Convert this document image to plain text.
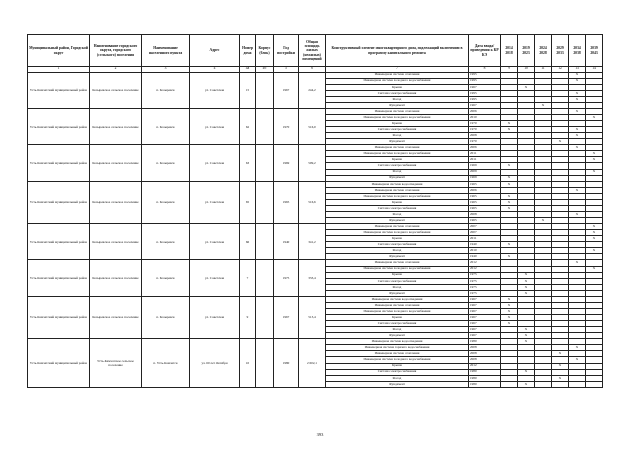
Муниципальный район, Городской округ	Наименование городского округа, городского (сельского) поселения	Наименование населенного пункта	Адрес	Номер дома	Корпус (блок)	Год постройки	Общая площадь жилых (нежилых) помещений	Конструктивный элемент многоквартирного дома, подлежащий включению в программу капитального ремонта	Дата ввода/проведения к КР КЭ	2014 2018	2019 2023	2024 2028	2029 2033	2034 2038	2039 2043
1	2	3	4	4а	4б	5	6	7	8	9	10	11	12	13	14
Усть-Камчатский муниципальный район	Козыревское сельское поселение	п. Козыревск	ул. Советская	15		1967	244,2	Инженерная система отопления	1995					X	
								Инженерная система холодного водоснабжения	1995					X	
								Крыша	1967		X				
								Система электроснабжения	1995					X	
								Фасад	1995					X	
								Фундамент	1967			X			
Усть-Камчатский муниципальный район	Козыревское сельское поселение	п. Козыревск	ул. Советская	62		1970	516,0	Инженерная система отопления	2006					X	
								Инженерная система холодного водоснабжения	2010						X
								Крыша	1970	X					
								Система электроснабжения	1970	X				X	
								Фасад	2008					X	
								Фундамент	1970				X		
Усть-Камчатский муниципальный район	Козыревское сельское поселение	п. Козыревск	ул. Советская	63		1969	509,2	Инженерная система отопления	2006					X	
								Инженерная система холодного водоснабжения	2011						X
								Крыша	2011						X
								Система электроснабжения	1969	X					
								Фасад	2009						X
								Фундамент	1969	X					
Усть-Камчатский муниципальный район	Козыревское сельское поселение	п. Козыревск	ул. Советская	65		1965	516,6	Инженерная система водоотведения	1965	X					
								Инженерная система отопления	2006					X	
								Инженерная система холодного водоснабжения	1965	X					
								Крыша	1965	X					
								Система электроснабжения	1965	X					
								Фасад	2008					X	
								Фундамент	1965			X			
Усть-Камчатский муниципальный район	Козыревское сельское поселение	п. Козыревск	ул. Советская	66		1940	341,2	Инженерная система отопления	2007						X
								Инженерная система холодного водоснабжения	2007						X
								Крыша	2011						X
								Система электроснабжения	1940	X					
								Фасад	2010						X
								Фундамент	1940	X					
Усть-Камчатский муниципальный район	Козыревское сельское поселение	п. Козыревск	ул. Советская	7		1975	333,4	Инженерная система отопления	2012					X	
								Инженерная система холодного водоснабжения	2012						X
								Крыша	1975		X				
								Система электроснабжения	1975		X				
								Фасад	1975		X				
								Фундамент	1975		X				
Усть-Камчатский муниципальный район	Козыревское сельское поселение	п. Козыревск	ул. Советская	9		1967	513,4	Инженерная система водоотведения	1967	X					
								Инженерная система отопления	1967	X					
								Инженерная система холодного водоснабжения	1967	X					
								Крыша	1967	X					
								Система электроснабжения	1967	X					
								Фасад	1967		X				
								Фундамент	1967		X				
Усть-Камчатский муниципальный район	Усть-Камчатское сельское поселение	п. Усть-Камчатск	ул. 60 лет Октября	10		1980	2 602,1	Инженерная система водоотведения	1980		X				
								Инженерная система горячего водоснабжения	2008					X	
								Инженерная система отопления	2008				X		
								Инженерная система холодного водоснабжения	2008					X	
								Крыша	2012				X		
								Система электроснабжения	1980		X				
								Фасад	1980				X		
								Фундамент	1980		X				
393
